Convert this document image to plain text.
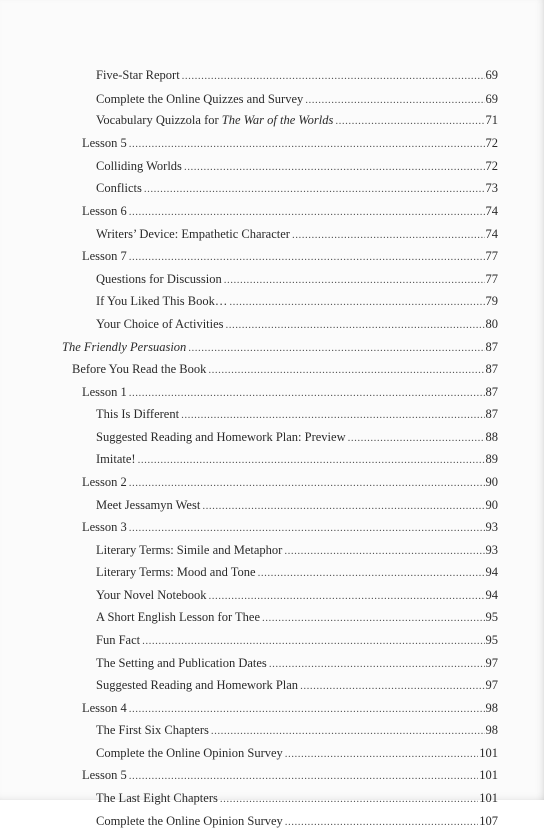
Five-Star Report .....	69
Complete the Online Quizzes and Survey .....	69
Vocabulary Quizzola for The War of the Worlds .....	71
Lesson 5 .....	72
Colliding Worlds .....	72
Conflicts .....	73
Lesson 6 .....	74
Writers’ Device: Empathetic Character .....	74
Lesson 7 .....	77
Questions for Discussion .....	77
If You Liked This Book… .....	79
Your Choice of Activities .....	80
The Friendly Persuasion .....	87
Before You Read the Book .....	87
Lesson 1 .....	87
This Is Different .....	87
Suggested Reading and Homework Plan: Preview .....	88
Imitate! .....	89
Lesson 2 .....	90
Meet Jessamyn West .....	90
Lesson 3 .....	93
Literary Terms: Simile and Metaphor .....	93
Literary Terms: Mood and Tone .....	94
Your Novel Notebook .....	94
A Short English Lesson for Thee .....	95
Fun Fact .....	95
The Setting and Publication Dates .....	97
Suggested Reading and Homework Plan .....	97
Lesson 4 .....	98
The First Six Chapters .....	98
Complete the Online Opinion Survey .....	101
Lesson 5 .....	101
The Last Eight Chapters .....	101
Complete the Online Opinion Survey .....	107
